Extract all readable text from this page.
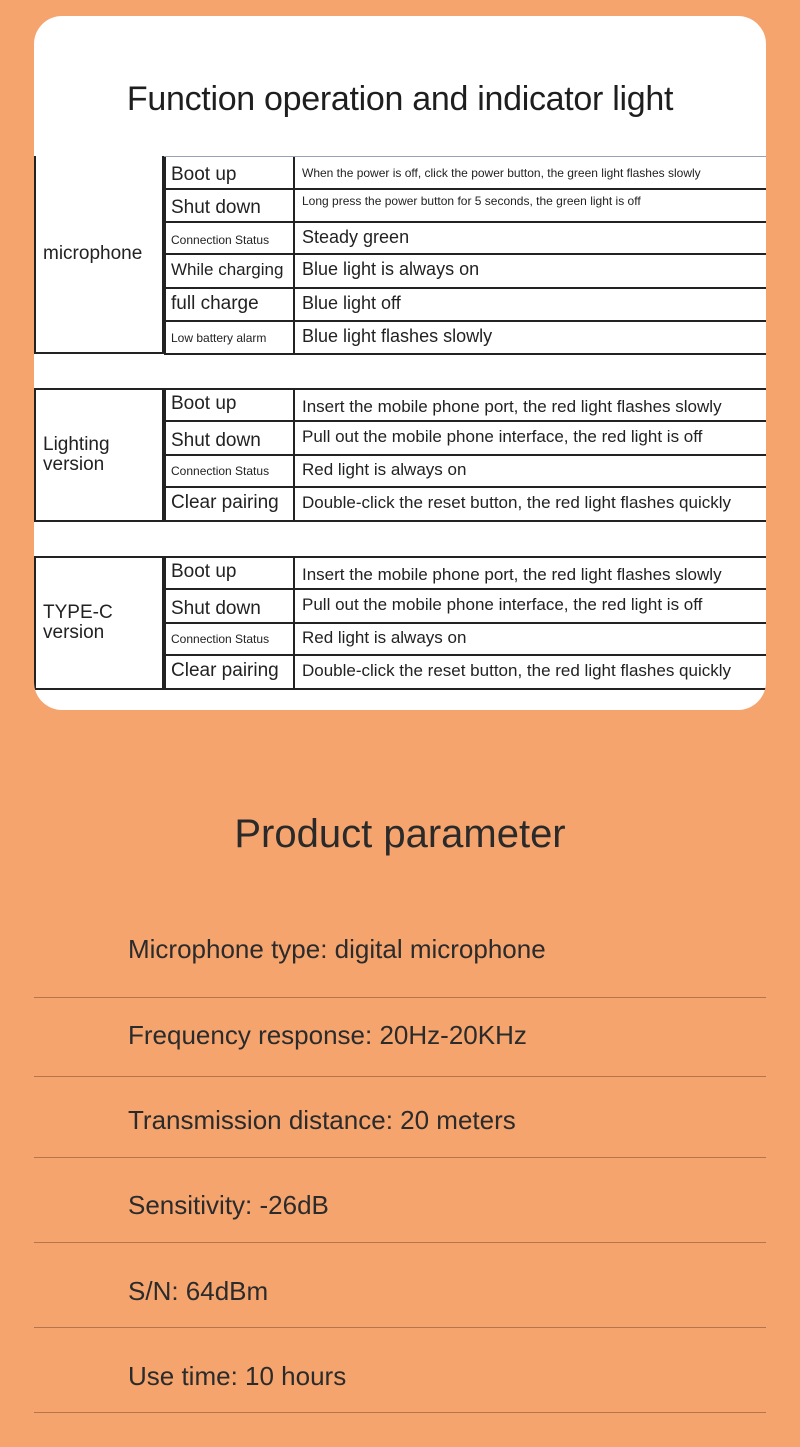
Function operation and indicator light
microphone
Boot up	When the power is off, click the power button, the green light flashes slowly
Shut down	Long press the power button for 5 seconds, the green light is off
Connection Status	Steady green
While charging	Blue light is always on
full charge	Blue light off
Low battery alarm	Blue light flashes slowly
Lighting version
Boot up	Insert the mobile phone port, the red light flashes slowly
Shut down	Pull out the mobile phone interface, the red light is off
Connection Status	Red light is always on
Clear pairing	Double-click the reset button, the red light flashes quickly
TYPE-C version
Boot up	Insert the mobile phone port, the red light flashes slowly
Shut down	Pull out the mobile phone interface, the red light is off
Connection Status	Red light is always on
Clear pairing	Double-click the reset button, the red light flashes quickly
Product parameter
Microphone type: digital microphone
Frequency response: 20Hz-20KHz
Transmission distance: 20 meters
Sensitivity: -26dB
S/N: 64dBm
Use time: 10 hours
